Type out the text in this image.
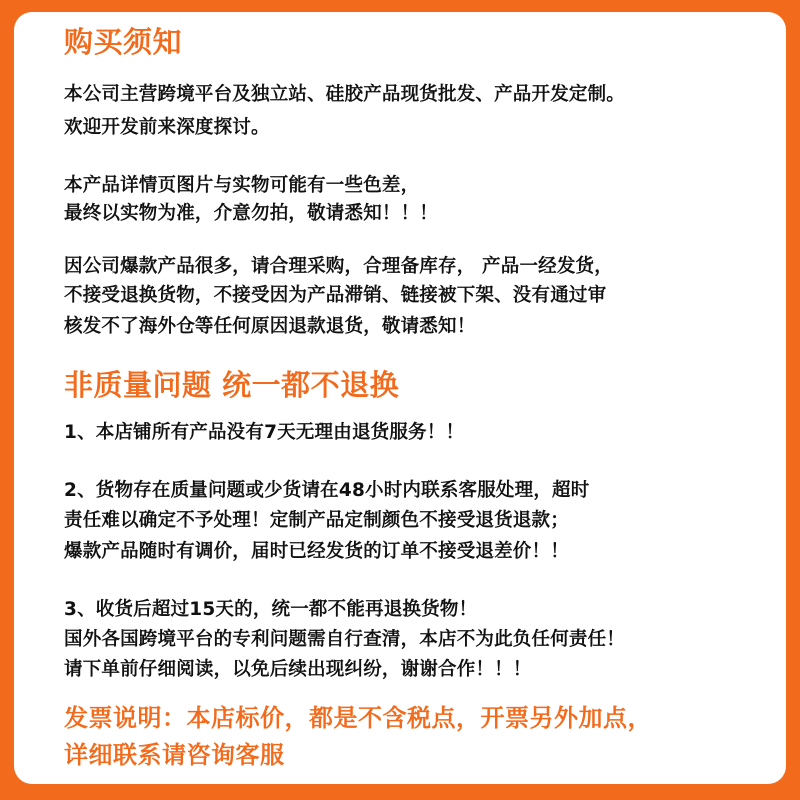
购买须知
本公司主营跨境平台及独立站、硅胶产品现货批发、产品开发定制。
欢迎开发前来深度探讨。
本产品详情页图片与实物可能有一些色差，
最终以实物为准，介意勿拍，敬请悉知！！！
因公司爆款产品很多，请合理采购，合理备库存， 产品一经发货，
不接受退换货物，不接受因为产品滞销、链接被下架、没有通过审
核发不了海外仓等任何原因退款退货，敬请悉知！
非质量问题 统一都不退换
1、本店铺所有产品没有7天无理由退货服务！！
2、货物存在质量问题或少货请在48小时内联系客服处理，超时
责任难以确定不予处理！定制产品定制颜色不接受退货退款；
爆款产品随时有调价，届时已经发货的订单不接受退差价！！
3、收货后超过15天的，统一都不能再退换货物！
国外各国跨境平台的专利问题需自行查清，本店不为此负任何责任！
请下单前仔细阅读，以免后续出现纠纷，谢谢合作！！！
发票说明：本店标价，都是不含税点，开票另外加点，
详细联系请咨询客服
